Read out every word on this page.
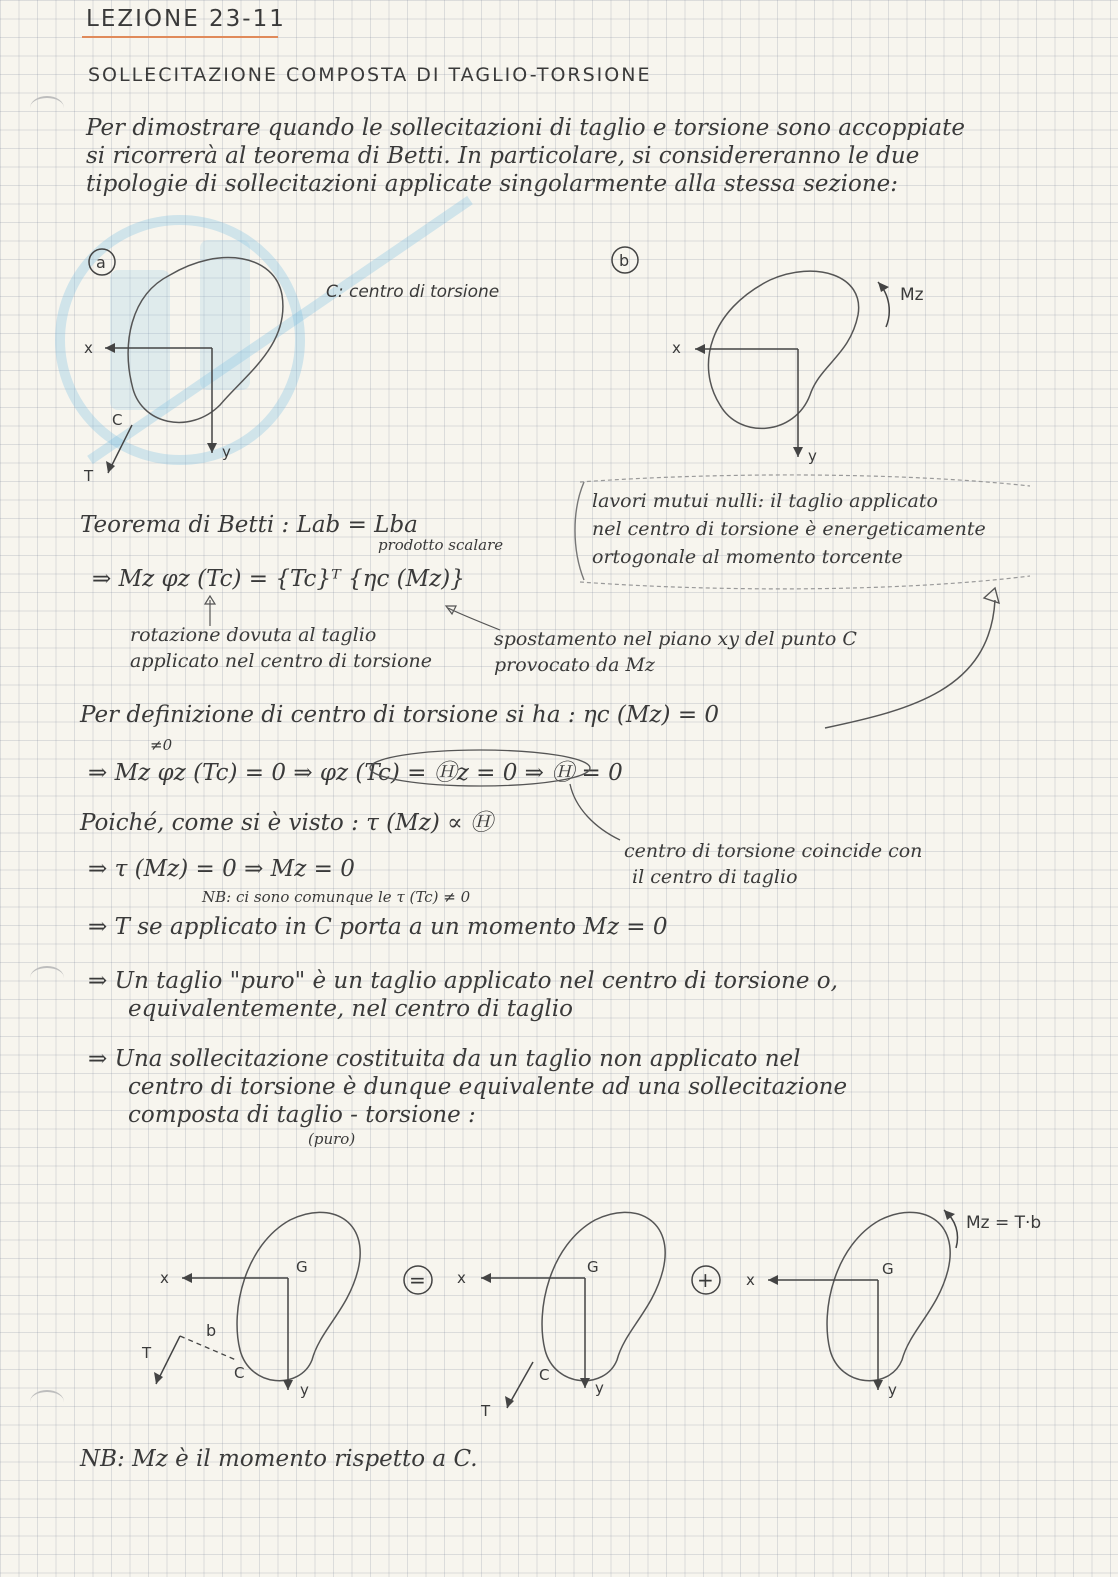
LEZIONE 23-11
SOLLECITAZIONE COMPOSTA DI TAGLIO-TORSIONE
Per dimostrare quando le sollecitazioni di taglio e torsione sono accoppiate
si ricorrerà al teorema di Betti. In particolare, si considereranno le due
tipologie di sollecitazioni applicate singolarmente alla stessa sezione:
a
x
y
C
T
C: centro di torsione
b
x
y
Mz
lavori mutui nulli: il taglio applicato
nel centro di torsione è energeticamente
ortogonale al momento torcente
Teorema di Betti : Lab = Lba
prodotto scalare
⇒ Mz φz (Tc) = {Tc}ᵀ {ηc (Mz)}
rotazione dovuta al taglio
applicato nel centro di torsione
spostamento nel piano xy del punto C
provocato da Mz
Per definizione di centro di torsione si ha : ηc (Mz) = 0
≠0
⇒ Mz φz (Tc) = 0 ⇒ φz (Tc) = Ⓗz = 0 ⇒ Ⓗ = 0
Poiché, come si è visto : τ (Mz) ∝ Ⓗ
centro di torsione coincide con
il centro di taglio
⇒ τ (Mz) = 0 ⇒ Mz = 0
NB: ci sono comunque le τ (Tc) ≠ 0
⇒ T se applicato in C porta a un momento Mz = 0
⇒ Un taglio "puro" è un taglio applicato nel centro di torsione o,
equivalentemente, nel centro di taglio
⇒ Una sollecitazione costituita da un taglio non applicato nel
centro di torsione è dunque equivalente ad una sollecitazione
composta di taglio - torsione :
(puro)
x
y
G
T
b
C
= x
y
G
C
T
+ x
y
G
Mz = T·b
NB: Mz è il momento rispetto a C.
